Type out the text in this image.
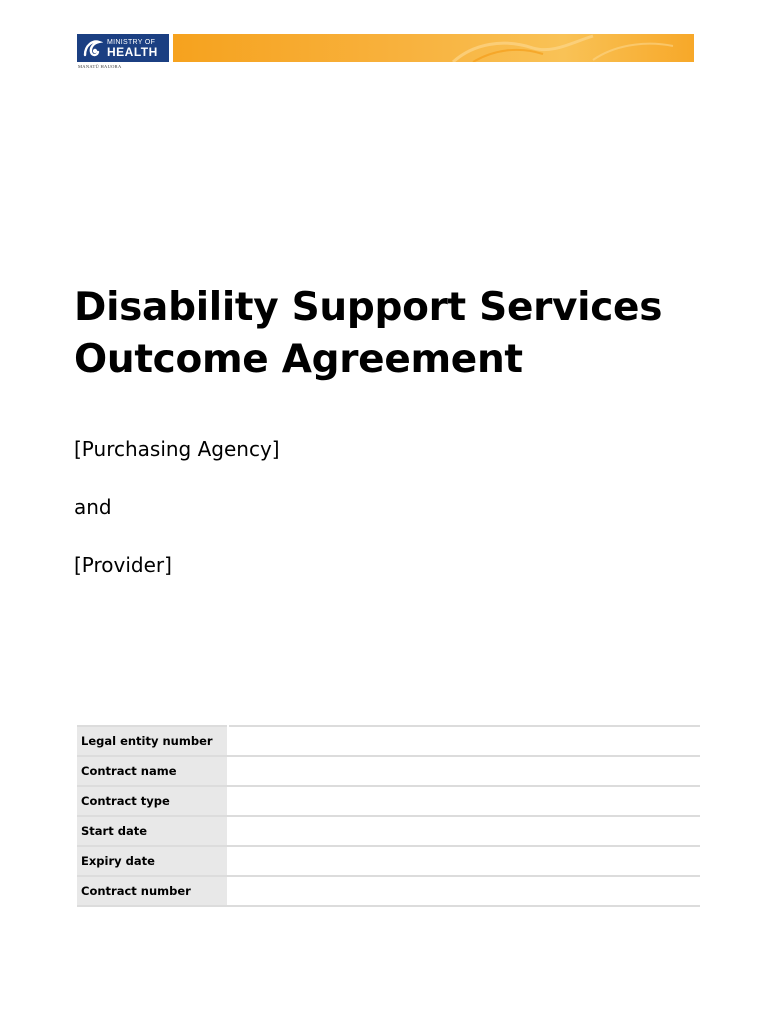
MINISTRY OF
HEALTH
MANATŪ HAUORA
Disability Support Services
Outcome Agreement
[Purchasing Agency]
and
[Provider]
Legal entity number	
Contract name	
Contract type	
Start date	
Expiry date	
Contract number	
